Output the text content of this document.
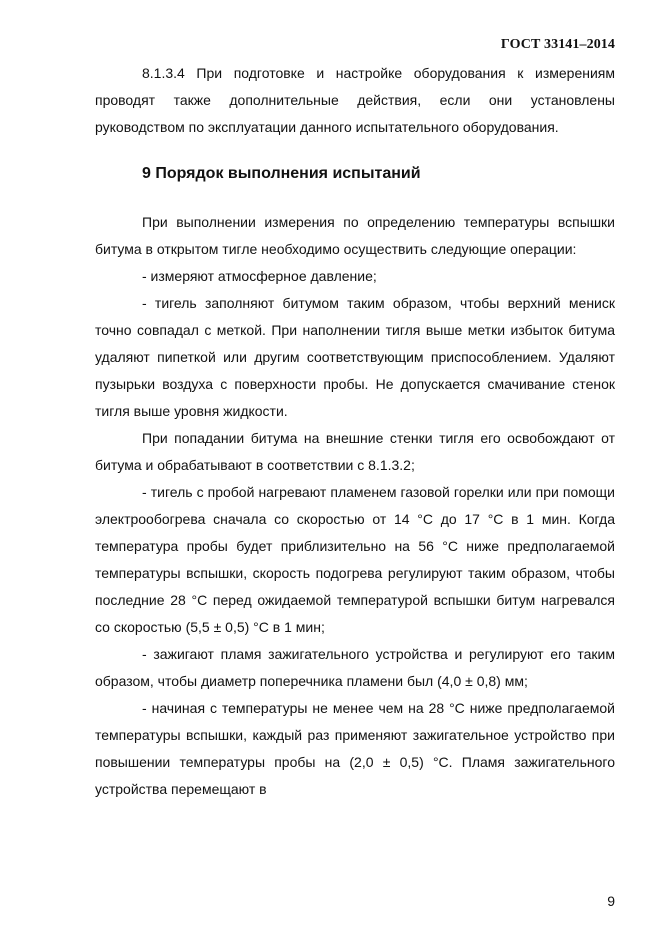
ГОСТ 33141–2014

8.1.3.4 При подготовке и настройке оборудования к измерениям проводят также дополнительные действия, если они установлены руководством по эксплуатации данного испытательного оборудования.

9 Порядок выполнения испытаний

При выполнении измерения по определению температуры вспышки битума в открытом тигле необходимо осуществить следующие операции:

- измеряют атмосферное давление;

- тигель заполняют битумом таким образом, чтобы верхний мениск точно совпадал с меткой. При наполнении тигля выше метки избыток битума удаляют пипеткой или другим соответствующим приспособлением. Удаляют пузырьки воздуха с поверхности пробы. Не допускается смачивание стенок тигля выше уровня жидкости.

При попадании битума на внешние стенки тигля его освобождают от битума и обрабатывают в соответствии с 8.1.3.2;

- тигель с пробой нагревают пламенем газовой горелки или при помощи электрообогрева сначала со скоростью от 14 °С до 17 °С в 1 мин. Когда температура пробы будет приблизительно на 56 °С ниже предполагаемой температуры вспышки, скорость подогрева регулируют таким образом, чтобы последние 28 °С перед ожидаемой температурой вспышки битум нагревался со скоростью (5,5 ± 0,5) °С в 1 мин;

- зажигают пламя зажигательного устройства и регулируют его таким образом, чтобы диаметр поперечника пламени был (4,0 ± 0,8) мм;

- начиная с температуры не менее чем на 28 °С ниже предполагаемой температуры вспышки, каждый раз применяют зажигательное устройство при повышении температуры пробы на (2,0 ± 0,5) °С. Пламя зажигательного устройства перемещают в

9
